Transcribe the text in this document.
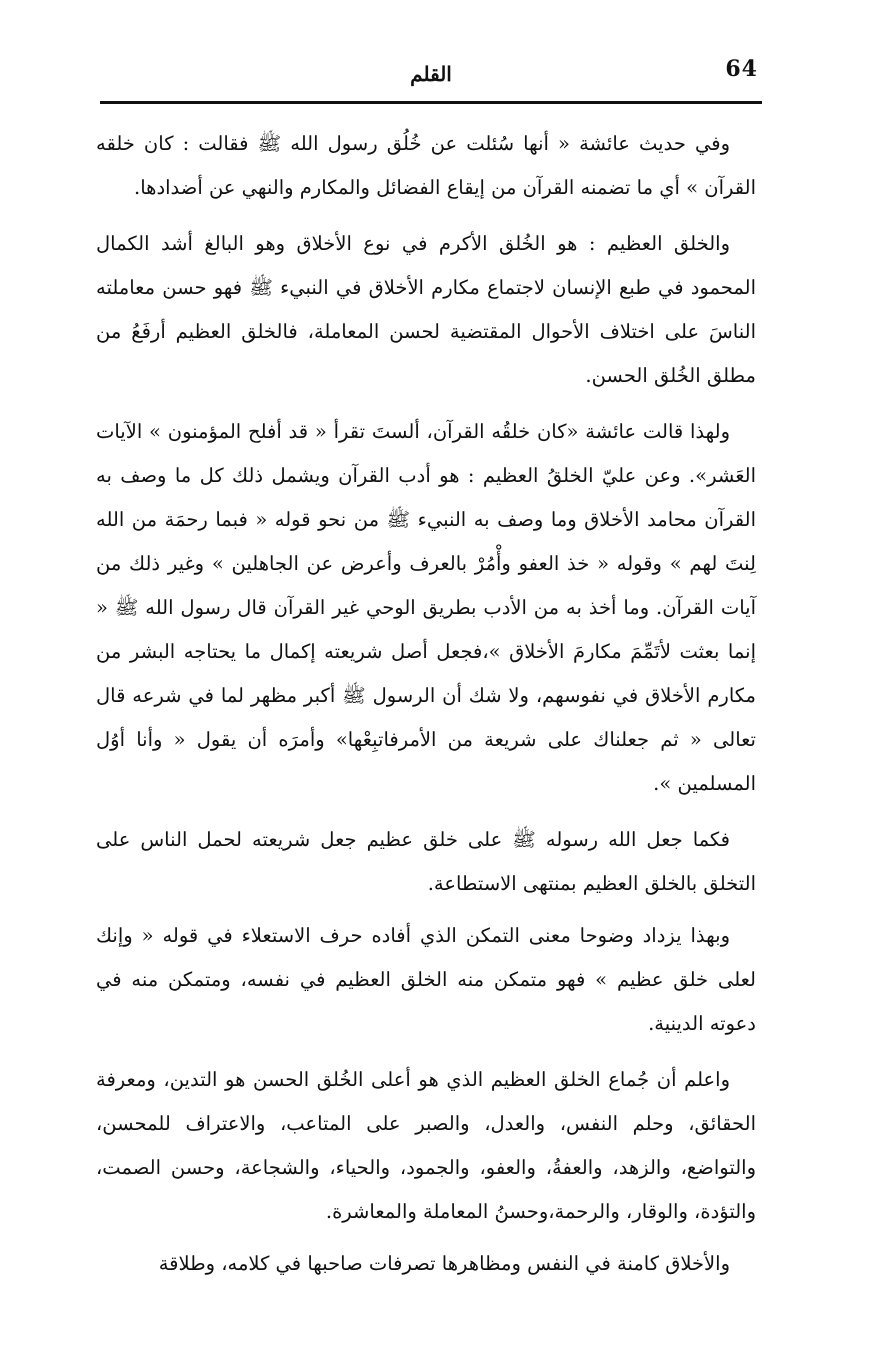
64
القلم

وفي حديث عائشة « أنها سُئلت عن خُلُق رسول الله ﷺ فقالت : كان خلقه القرآن » أي ما تضمنه القرآن من إيقاع الفضائل والمكارم والنهي عن أضدادها.

والخلق العظيم : هو الخُلق الأكرم في نوع الأخلاق وهو البالغ أشد الكمال المحمود في طبع الإنسان لاجتماع مكارم الأخلاق في النبيء ﷺ فهو حسن معاملته الناسَ على اختلاف الأحوال المقتضية لحسن المعاملة، فالخلق العظيم أرفَعُ من مطلق الخُلق الحسن.

ولهذا قالت عائشة «كان خلقُه القرآن، ألستَ تقرأ « قد أفلح المؤمنون » الآيات العَشر». وعن عليّ الخلقُ العظيم : هو أدب القرآن ويشمل ذلك كل ما وصف به القرآن محامد الأخلاق وما وصف به النبيء ﷺ من نحو قوله « فبما رحمَة من الله لِنتَ لهم » وقوله « خذ العفو وأْمُرْ بالعرف وأعرض عن الجاهلين » وغير ذلك من آيات القرآن. وما أخذ به من الأدب بطريق الوحي غير القرآن قال رسول الله ﷺ « إنما بعثت لأتَمِّمَ مكارمَ الأخلاق »،فجعل أصل شريعته إكمال ما يحتاجه البشر من مكارم الأخلاق في نفوسهم، ولا شك أن الرسول ﷺ أكبر مظهر لما في شرعه قال تعالى « ثم جعلناك على شريعة من الأمرفاتبِعْها» وأمرَه أن يقول « وأنا أوُل المسلمين ».

فكما جعل الله رسوله ﷺ على خلق عظيم جعل شريعته لحمل الناس على التخلق بالخلق العظيم بمنتهى الاستطاعة.

وبهذا يزداد وضوحا معنى التمكن الذي أفاده حرف الاستعلاء في قوله « وإنك لعلى خلق عظيم » فهو متمكن منه الخلق العظيم في نفسه، ومتمكن منه في دعوته الدينية.

واعلم أن جُماع الخلق العظيم الذي هو أعلى الخُلق الحسن هو التدين، ومعرفة الحقائق، وحلم النفس، والعدل، والصبر على المتاعب، والاعتراف للمحسن، والتواضع، والزهد، والعفةُ، والعفو، والجمود، والحياء، والشجاعة، وحسن الصمت، والتؤدة، والوقار، والرحمة،وحسنُ المعاملة والمعاشرة.

والأخلاق كامنة في النفس ومظاهرها تصرفات صاحبها في كلامه، وطلاقة
